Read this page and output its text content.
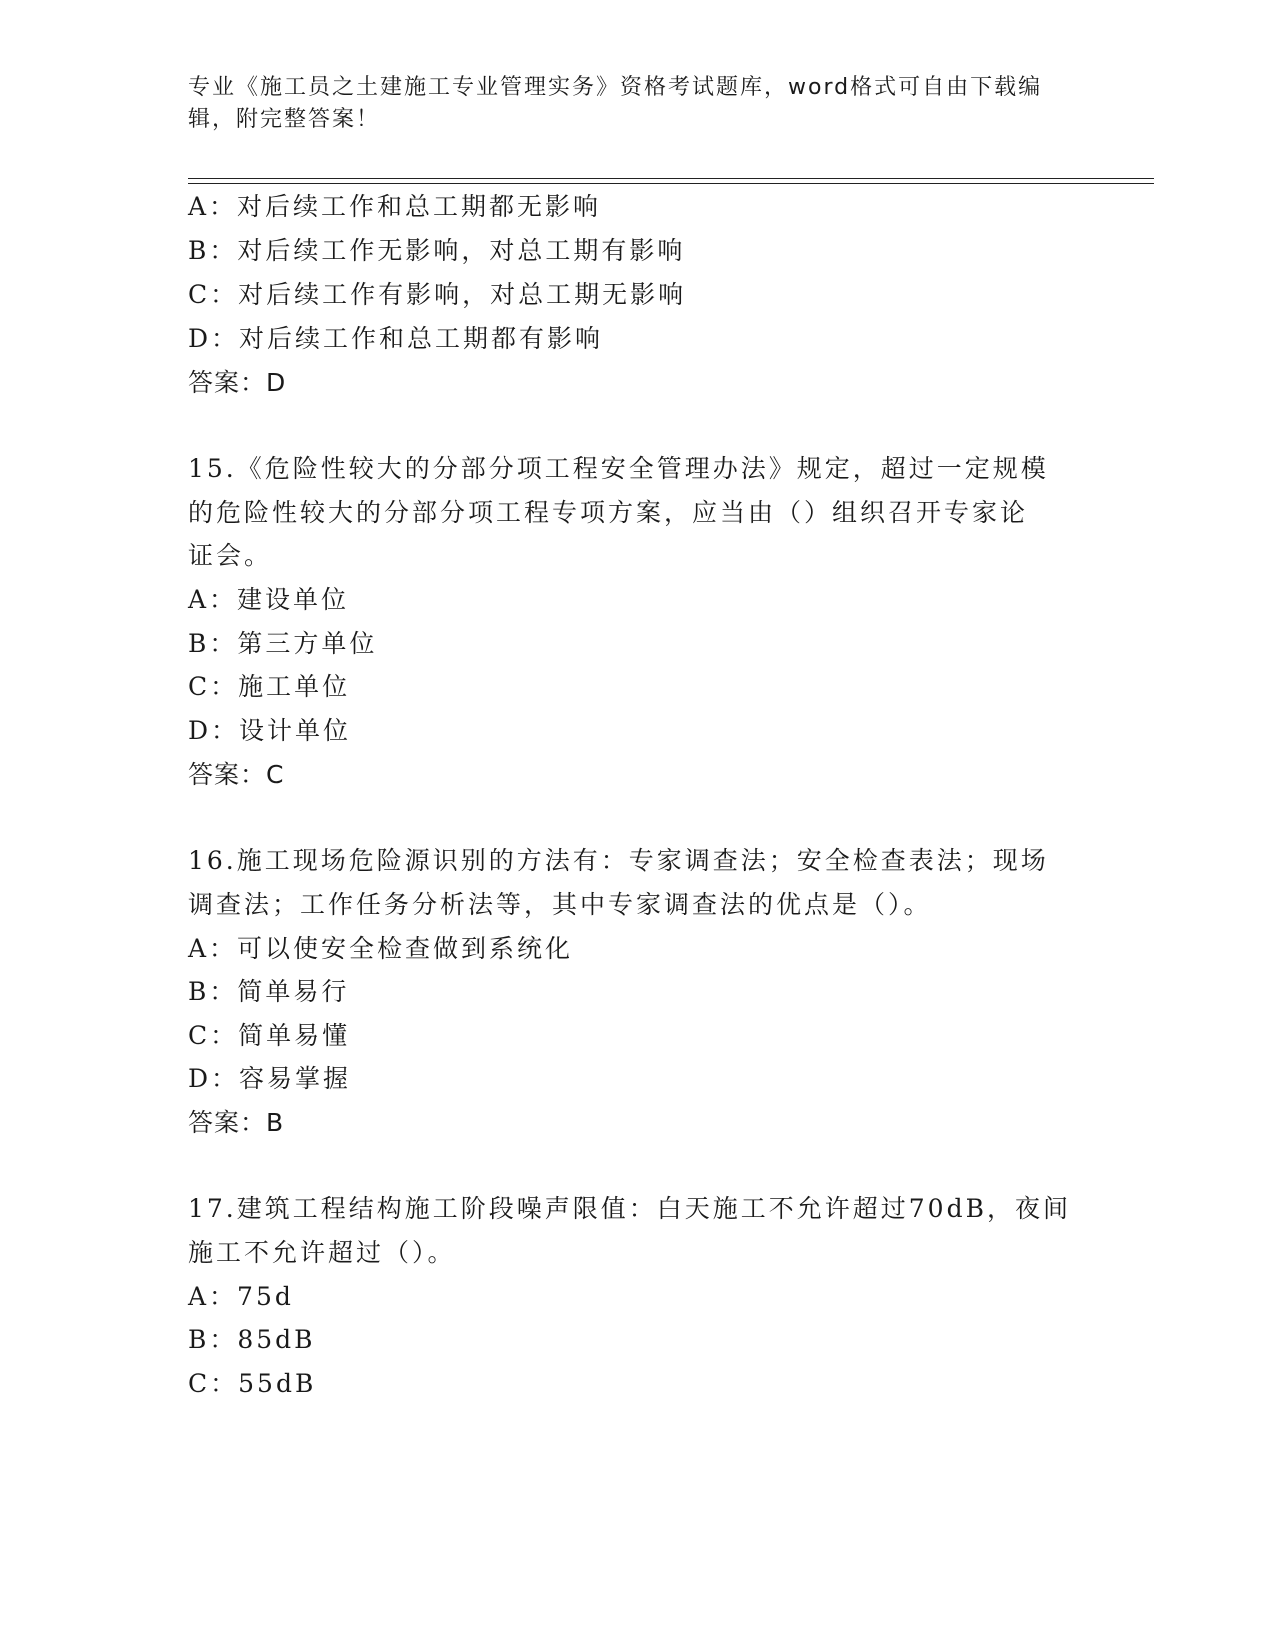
专业《施工员之土建施工专业管理实务》资格考试题库，word格式可自由下载编
辑，附完整答案！
A：对后续工作和总工期都无影响
B：对后续工作无影响，对总工期有影响
C：对后续工作有影响，对总工期无影响
D：对后续工作和总工期都有影响
答案：D
15.《危险性较大的分部分项工程安全管理办法》规定，超过一定规模
的危险性较大的分部分项工程专项方案，应当由（）组织召开专家论
证会。
A：建设单位
B：第三方单位
C：施工单位
D：设计单位
答案：C
16.施工现场危险源识别的方法有：专家调查法；安全检查表法；现场
调查法；工作任务分析法等，其中专家调查法的优点是（）。
A：可以使安全检查做到系统化
B：简单易行
C：简单易懂
D：容易掌握
答案：B
17.建筑工程结构施工阶段噪声限值：白天施工不允许超过70dB，夜间
施工不允许超过（）。
A：75d
B：85dB
C：55dB
